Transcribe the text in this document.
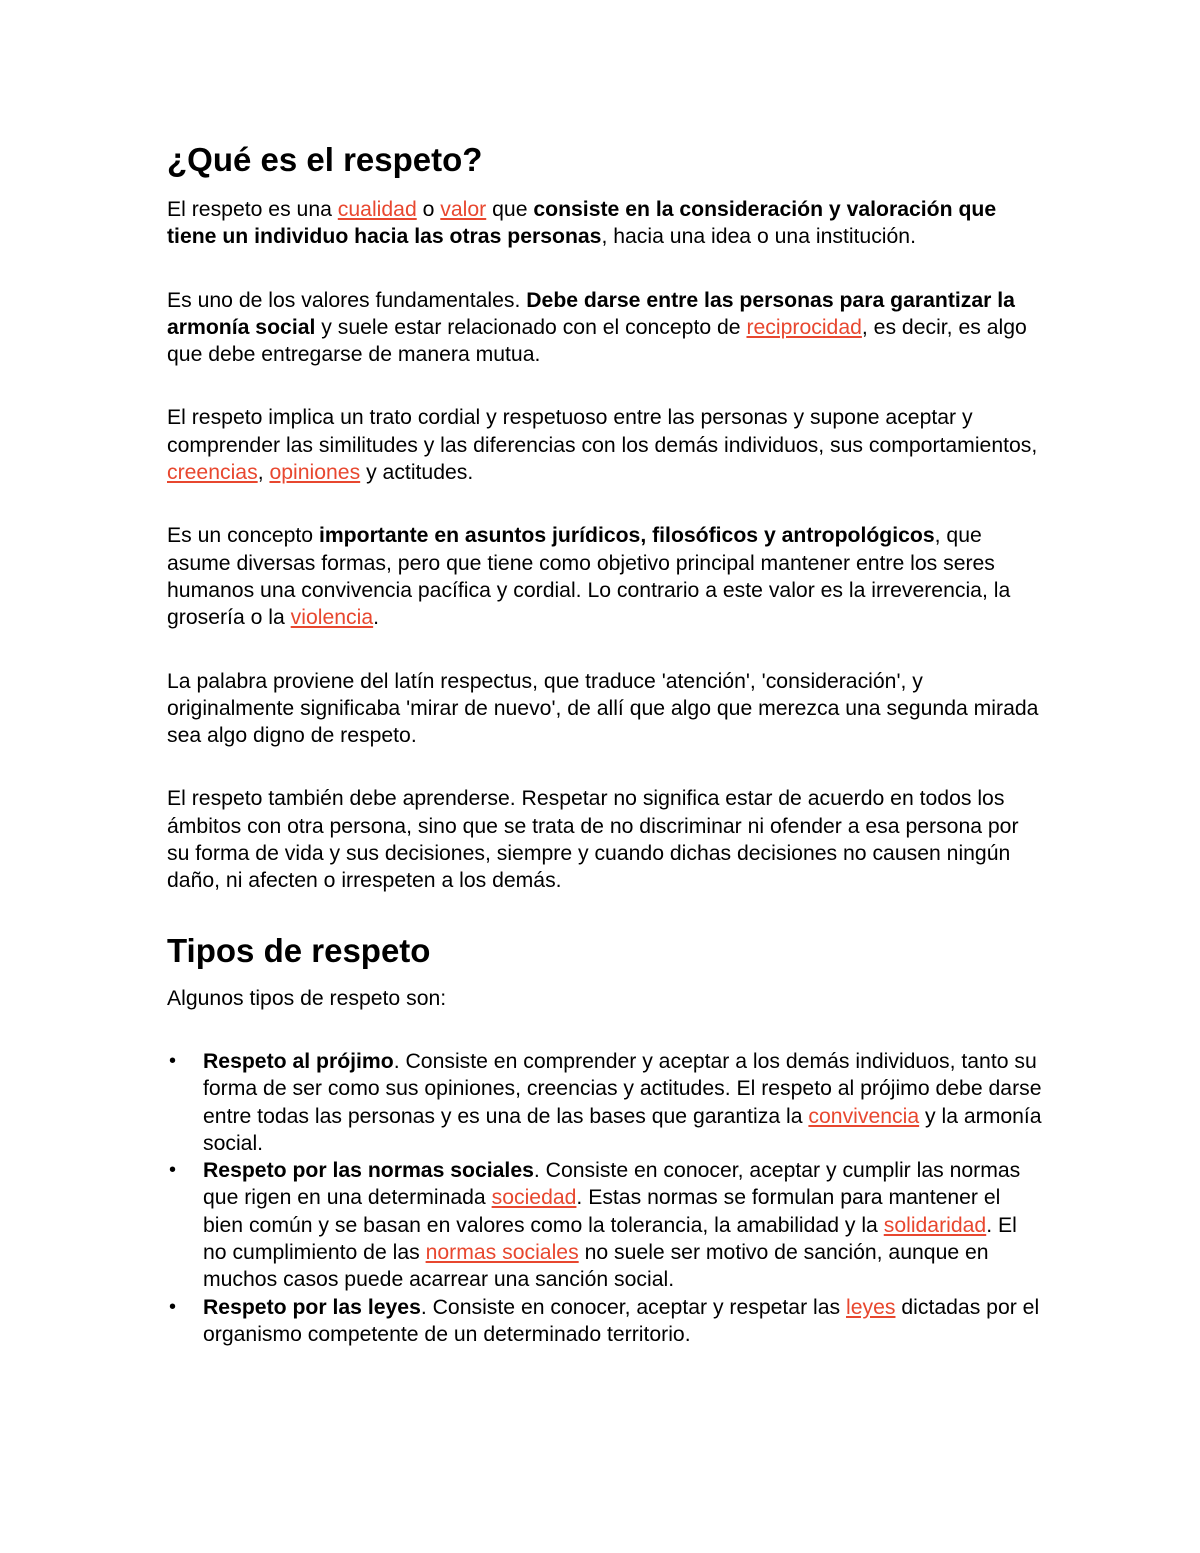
¿Qué es el respeto?

El respeto es una cualidad o valor que consiste en la consideración y valoración que tiene un individuo hacia las otras personas, hacia una idea o una institución.

Es uno de los valores fundamentales. Debe darse entre las personas para garantizar la armonía social y suele estar relacionado con el concepto de reciprocidad, es decir, es algo que debe entregarse de manera mutua.

El respeto implica un trato cordial y respetuoso entre las personas y supone aceptar y comprender las similitudes y las diferencias con los demás individuos, sus comportamientos, creencias, opiniones y actitudes.

Es un concepto importante en asuntos jurídicos, filosóficos y antropológicos, que asume diversas formas, pero que tiene como objetivo principal mantener entre los seres humanos una convivencia pacífica y cordial. Lo contrario a este valor es la irreverencia, la grosería o la violencia.

La palabra proviene del latín respectus, que traduce 'atención', 'consideración', y originalmente significaba 'mirar de nuevo', de allí que algo que merezca una segunda mirada sea algo digno de respeto.

El respeto también debe aprenderse. Respetar no significa estar de acuerdo en todos los ámbitos con otra persona, sino que se trata de no discriminar ni ofender a esa persona por su forma de vida y sus decisiones, siempre y cuando dichas decisiones no causen ningún daño, ni afecten o irrespeten a los demás.

Tipos de respeto

Algunos tipos de respeto son:

• Respeto al prójimo. Consiste en comprender y aceptar a los demás individuos, tanto su forma de ser como sus opiniones, creencias y actitudes. El respeto al prójimo debe darse entre todas las personas y es una de las bases que garantiza la convivencia y la armonía social.
• Respeto por las normas sociales. Consiste en conocer, aceptar y cumplir las normas que rigen en una determinada sociedad. Estas normas se formulan para mantener el bien común y se basan en valores como la tolerancia, la amabilidad y la solidaridad. El no cumplimiento de las normas sociales no suele ser motivo de sanción, aunque en muchos casos puede acarrear una sanción social.
• Respeto por las leyes. Consiste en conocer, aceptar y respetar las leyes dictadas por el organismo competente de un determinado territorio.
